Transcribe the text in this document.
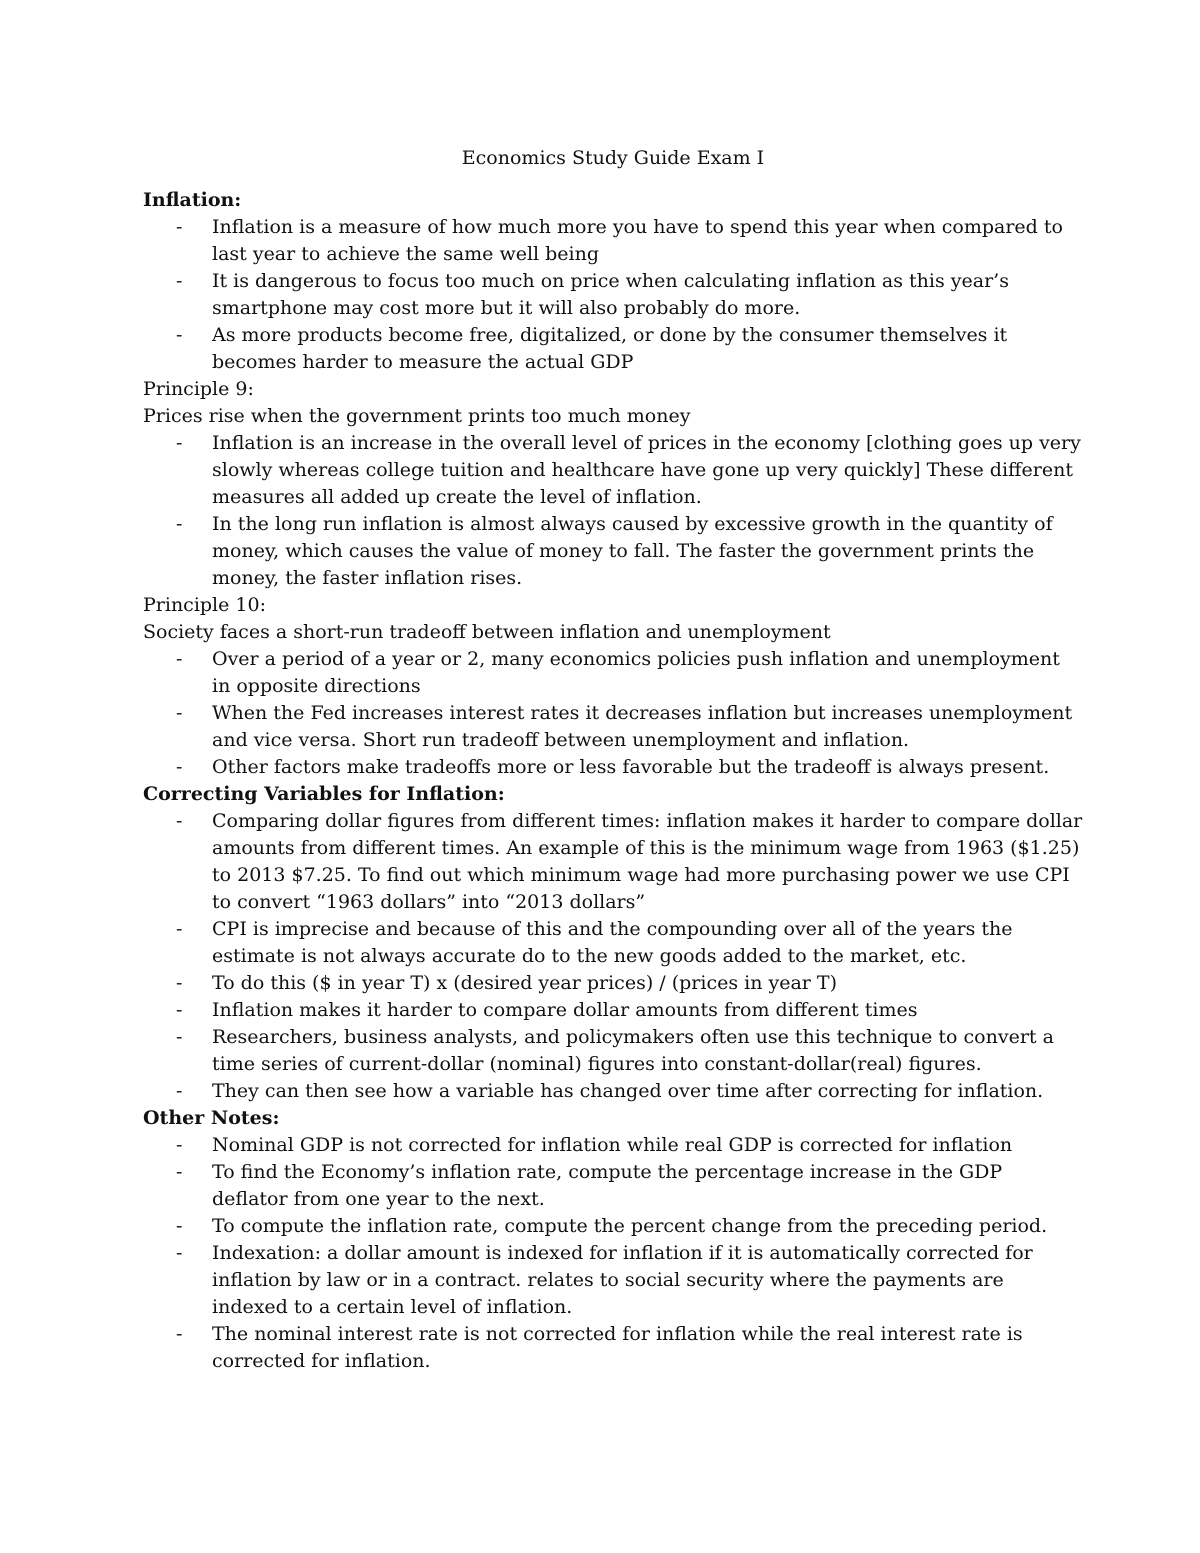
Economics Study Guide Exam I
Inflation:
- Inflation is a measure of how much more you have to spend this year when compared to last year to achieve the same well being
- It is dangerous to focus too much on price when calculating inflation as this year’s smartphone may cost more but it will also probably do more.
- As more products become free, digitalized, or done by the consumer themselves it becomes harder to measure the actual GDP
Principle 9:
Prices rise when the government prints too much money
- Inflation is an increase in the overall level of prices in the economy [clothing goes up very slowly whereas college tuition and healthcare have gone up very quickly] These different measures all added up create the level of inflation.
- In the long run inflation is almost always caused by excessive growth in the quantity of money, which causes the value of money to fall. The faster the government prints the money, the faster inflation rises.
Principle 10:
Society faces a short-run tradeoff between inflation and unemployment
- Over a period of a year or 2, many economics policies push inflation and unemployment in opposite directions
- When the Fed increases interest rates it decreases inflation but increases unemployment and vice versa. Short run tradeoff between unemployment and inflation.
- Other factors make tradeoffs more or less favorable but the tradeoff is always present.
Correcting Variables for Inflation:
- Comparing dollar figures from different times: inflation makes it harder to compare dollar amounts from different times. An example of this is the minimum wage from 1963 ($1.25) to 2013 $7.25. To find out which minimum wage had more purchasing power we use CPI to convert “1963 dollars” into “2013 dollars”
- CPI is imprecise and because of this and the compounding over all of the years the estimate is not always accurate do to the new goods added to the market, etc.
- To do this ($ in year T) x (desired year prices) / (prices in year T)
- Inflation makes it harder to compare dollar amounts from different times
- Researchers, business analysts, and policymakers often use this technique to convert a time series of current-dollar (nominal) figures into constant-dollar(real) figures.
- They can then see how a variable has changed over time after correcting for inflation.
Other Notes:
- Nominal GDP is not corrected for inflation while real GDP is corrected for inflation
- To find the Economy’s inflation rate, compute the percentage increase in the GDP deflator from one year to the next.
- To compute the inflation rate, compute the percent change from the preceding period.
- Indexation: a dollar amount is indexed for inflation if it is automatically corrected for inflation by law or in a contract. relates to social security where the payments are indexed to a certain level of inflation.
- The nominal interest rate is not corrected for inflation while the real interest rate is corrected for inflation.
